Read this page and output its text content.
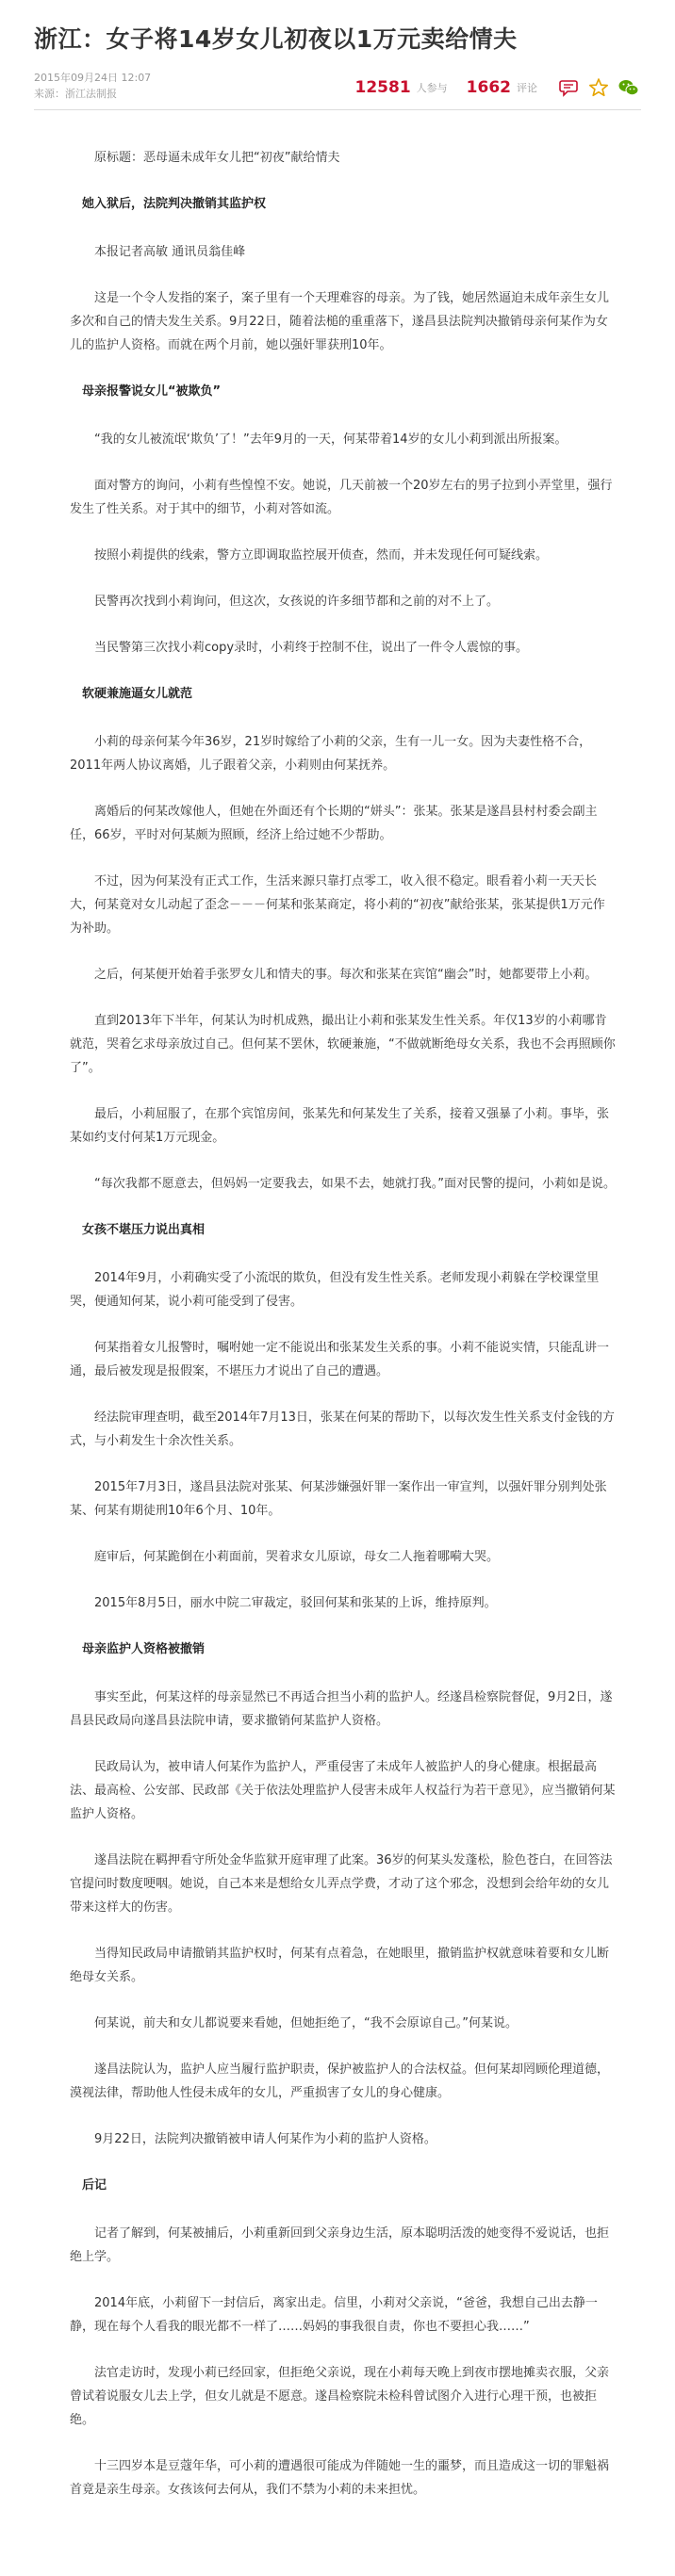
浙江：女子将14岁女儿初夜以1万元卖给情夫
2015年09月24日 12:07
来源：浙江法制报	12581 人参与 1662 评论

原标题：恶母逼未成年女儿把“初夜”献给情夫

她入狱后，法院判决撤销其监护权

本报记者高敏 通讯员翁佳峰

这是一个令人发指的案子，案子里有一个天理难容的母亲。为了钱，她居然逼迫未成年亲生女儿多次和自己的情夫发生关系。9月22日，随着法槌的重重落下，遂昌县法院判决撤销母亲何某作为女儿的监护人资格。而就在两个月前，她以强奸罪获刑10年。

母亲报警说女儿“被欺负”

“我的女儿被流氓‘欺负’了！”去年9月的一天，何某带着14岁的女儿小莉到派出所报案。

面对警方的询问，小莉有些惶惶不安。她说，几天前被一个20岁左右的男子拉到小弄堂里，强行发生了性关系。对于其中的细节，小莉对答如流。

按照小莉提供的线索，警方立即调取监控展开侦查，然而，并未发现任何可疑线索。

民警再次找到小莉询问，但这次，女孩说的许多细节都和之前的对不上了。

当民警第三次找小莉copy录时，小莉终于控制不住，说出了一件令人震惊的事。

软硬兼施逼女儿就范

小莉的母亲何某今年36岁，21岁时嫁给了小莉的父亲，生有一儿一女。因为夫妻性格不合，2011年两人协议离婚，儿子跟着父亲，小莉则由何某抚养。

离婚后的何某改嫁他人，但她在外面还有个长期的“姘头”：张某。张某是遂昌县村村委会副主任，66岁，平时对何某颇为照顾，经济上给过她不少帮助。

不过，因为何某没有正式工作，生活来源只靠打点零工，收入很不稳定。眼看着小莉一天天长大，何某竟对女儿动起了歪念－－－何某和张某商定，将小莉的“初夜”献给张某，张某提供1万元作为补助。

之后，何某便开始着手张罗女儿和情夫的事。每次和张某在宾馆“幽会”时，她都要带上小莉。

直到2013年下半年，何某认为时机成熟，撮出让小莉和张某发生性关系。年仅13岁的小莉哪肯就范，哭着乞求母亲放过自己。但何某不罢休，软硬兼施，“不做就断绝母女关系，我也不会再照顾你了”。

最后，小莉屈服了，在那个宾馆房间，张某先和何某发生了关系，接着又强暴了小莉。事毕，张某如约支付何某1万元现金。

“每次我都不愿意去，但妈妈一定要我去，如果不去，她就打我。”面对民警的提问，小莉如是说。

女孩不堪压力说出真相

2014年9月，小莉确实受了小流氓的欺负，但没有发生性关系。老师发现小莉躲在学校课堂里哭，便通知何某，说小莉可能受到了侵害。

何某指着女儿报警时，嘱咐她一定不能说出和张某发生关系的事。小莉不能说实情，只能乱讲一通，最后被发现是报假案，不堪压力才说出了自己的遭遇。

经法院审理查明，截至2014年7月13日，张某在何某的帮助下，以每次发生性关系支付金钱的方式，与小莉发生十余次性关系。

2015年7月3日，遂昌县法院对张某、何某涉嫌强奸罪一案作出一审宣判，以强奸罪分别判处张某、何某有期徒刑10年6个月、10年。

庭审后，何某跪倒在小莉面前，哭着求女儿原谅，母女二人拖着哪嗬大哭。

2015年8月5日，丽水中院二审裁定，驳回何某和张某的上诉，维持原判。

母亲监护人资格被撤销

事实至此，何某这样的母亲显然已不再适合担当小莉的监护人。经遂昌检察院督促，9月2日，遂昌县民政局向遂昌县法院申请，要求撤销何某监护人资格。

民政局认为，被申请人何某作为监护人，严重侵害了未成年人被监护人的身心健康。根据最高法、最高检、公安部、民政部《关于依法处理监护人侵害未成年人权益行为若干意见》，应当撤销何某监护人资格。

遂昌法院在羁押看守所处金华监狱开庭审理了此案。36岁的何某头发蓬松，脸色苍白，在回答法官提问时数度哽咽。她说，自己本来是想给女儿弄点学费，才动了这个邪念，没想到会给年幼的女儿带来这样大的伤害。

当得知民政局申请撤销其监护权时，何某有点着急，在她眼里，撤销监护权就意味着要和女儿断绝母女关系。

何某说，前夫和女儿都说要来看她，但她拒绝了，“我不会原谅自己。”何某说。

遂昌法院认为，监护人应当履行监护职责，保护被监护人的合法权益。但何某却罔顾伦理道德，漠视法律，帮助他人性侵未成年的女儿，严重损害了女儿的身心健康。

9月22日，法院判决撤销被申请人何某作为小莉的监护人资格。

后记

记者了解到，何某被捕后，小莉重新回到父亲身边生活，原本聪明活泼的她变得不爱说话，也拒绝上学。

2014年底，小莉留下一封信后，离家出走。信里，小莉对父亲说，“爸爸，我想自己出去静一静，现在每个人看我的眼光都不一样了……妈妈的事我很自责，你也不要担心我……”

法官走访时，发现小莉已经回家，但拒绝父亲说，现在小莉每天晚上到夜市摆地摊卖衣服，父亲曾试着说服女儿去上学，但女儿就是不愿意。遂昌检察院未检科曾试图介入进行心理干预，也被拒绝。

十三四岁本是豆蔻年华，可小莉的遭遇很可能成为伴随她一生的噩梦，而且造成这一切的罪魁祸首竟是亲生母亲。女孩该何去何从，我们不禁为小莉的未来担忧。
